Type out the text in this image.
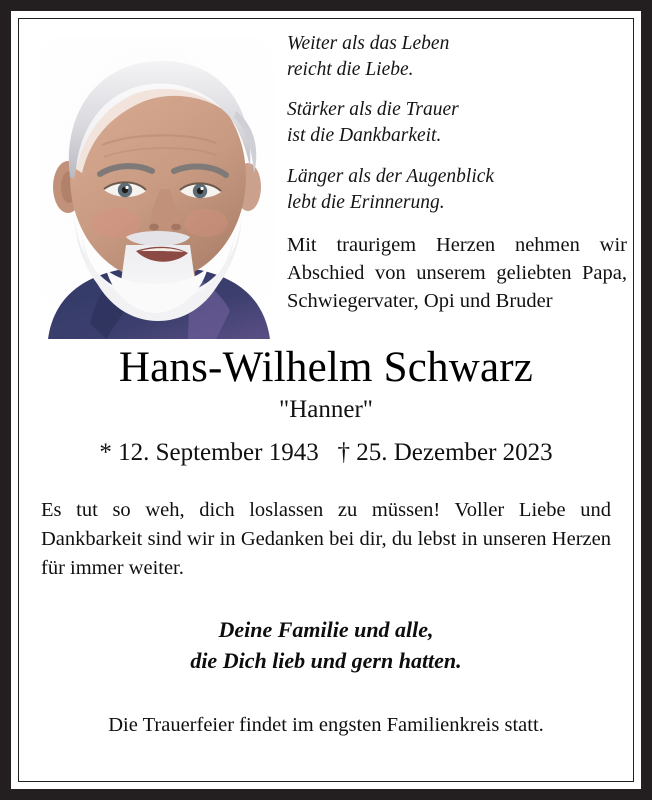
Weiter als das Leben
reicht die Liebe.

Stärker als die Trauer
ist die Dankbarkeit.

Länger als der Augenblick
lebt die Erinnerung.

Mit traurigem Herzen nehmen wir Abschied von unserem geliebten Papa, Schwiegervater, Opi und Bruder

Hans-Wilhelm Schwarz

"Hanner"

* 12. September 1943   † 25. Dezember 2023

Es tut so weh, dich loslassen zu müssen! Voller Liebe und Dankbarkeit sind wir in Gedanken bei dir, du lebst in unseren Herzen für immer weiter.

Deine Familie und alle,
die Dich lieb und gern hatten.

Die Trauerfeier findet im engsten Familienkreis statt.
